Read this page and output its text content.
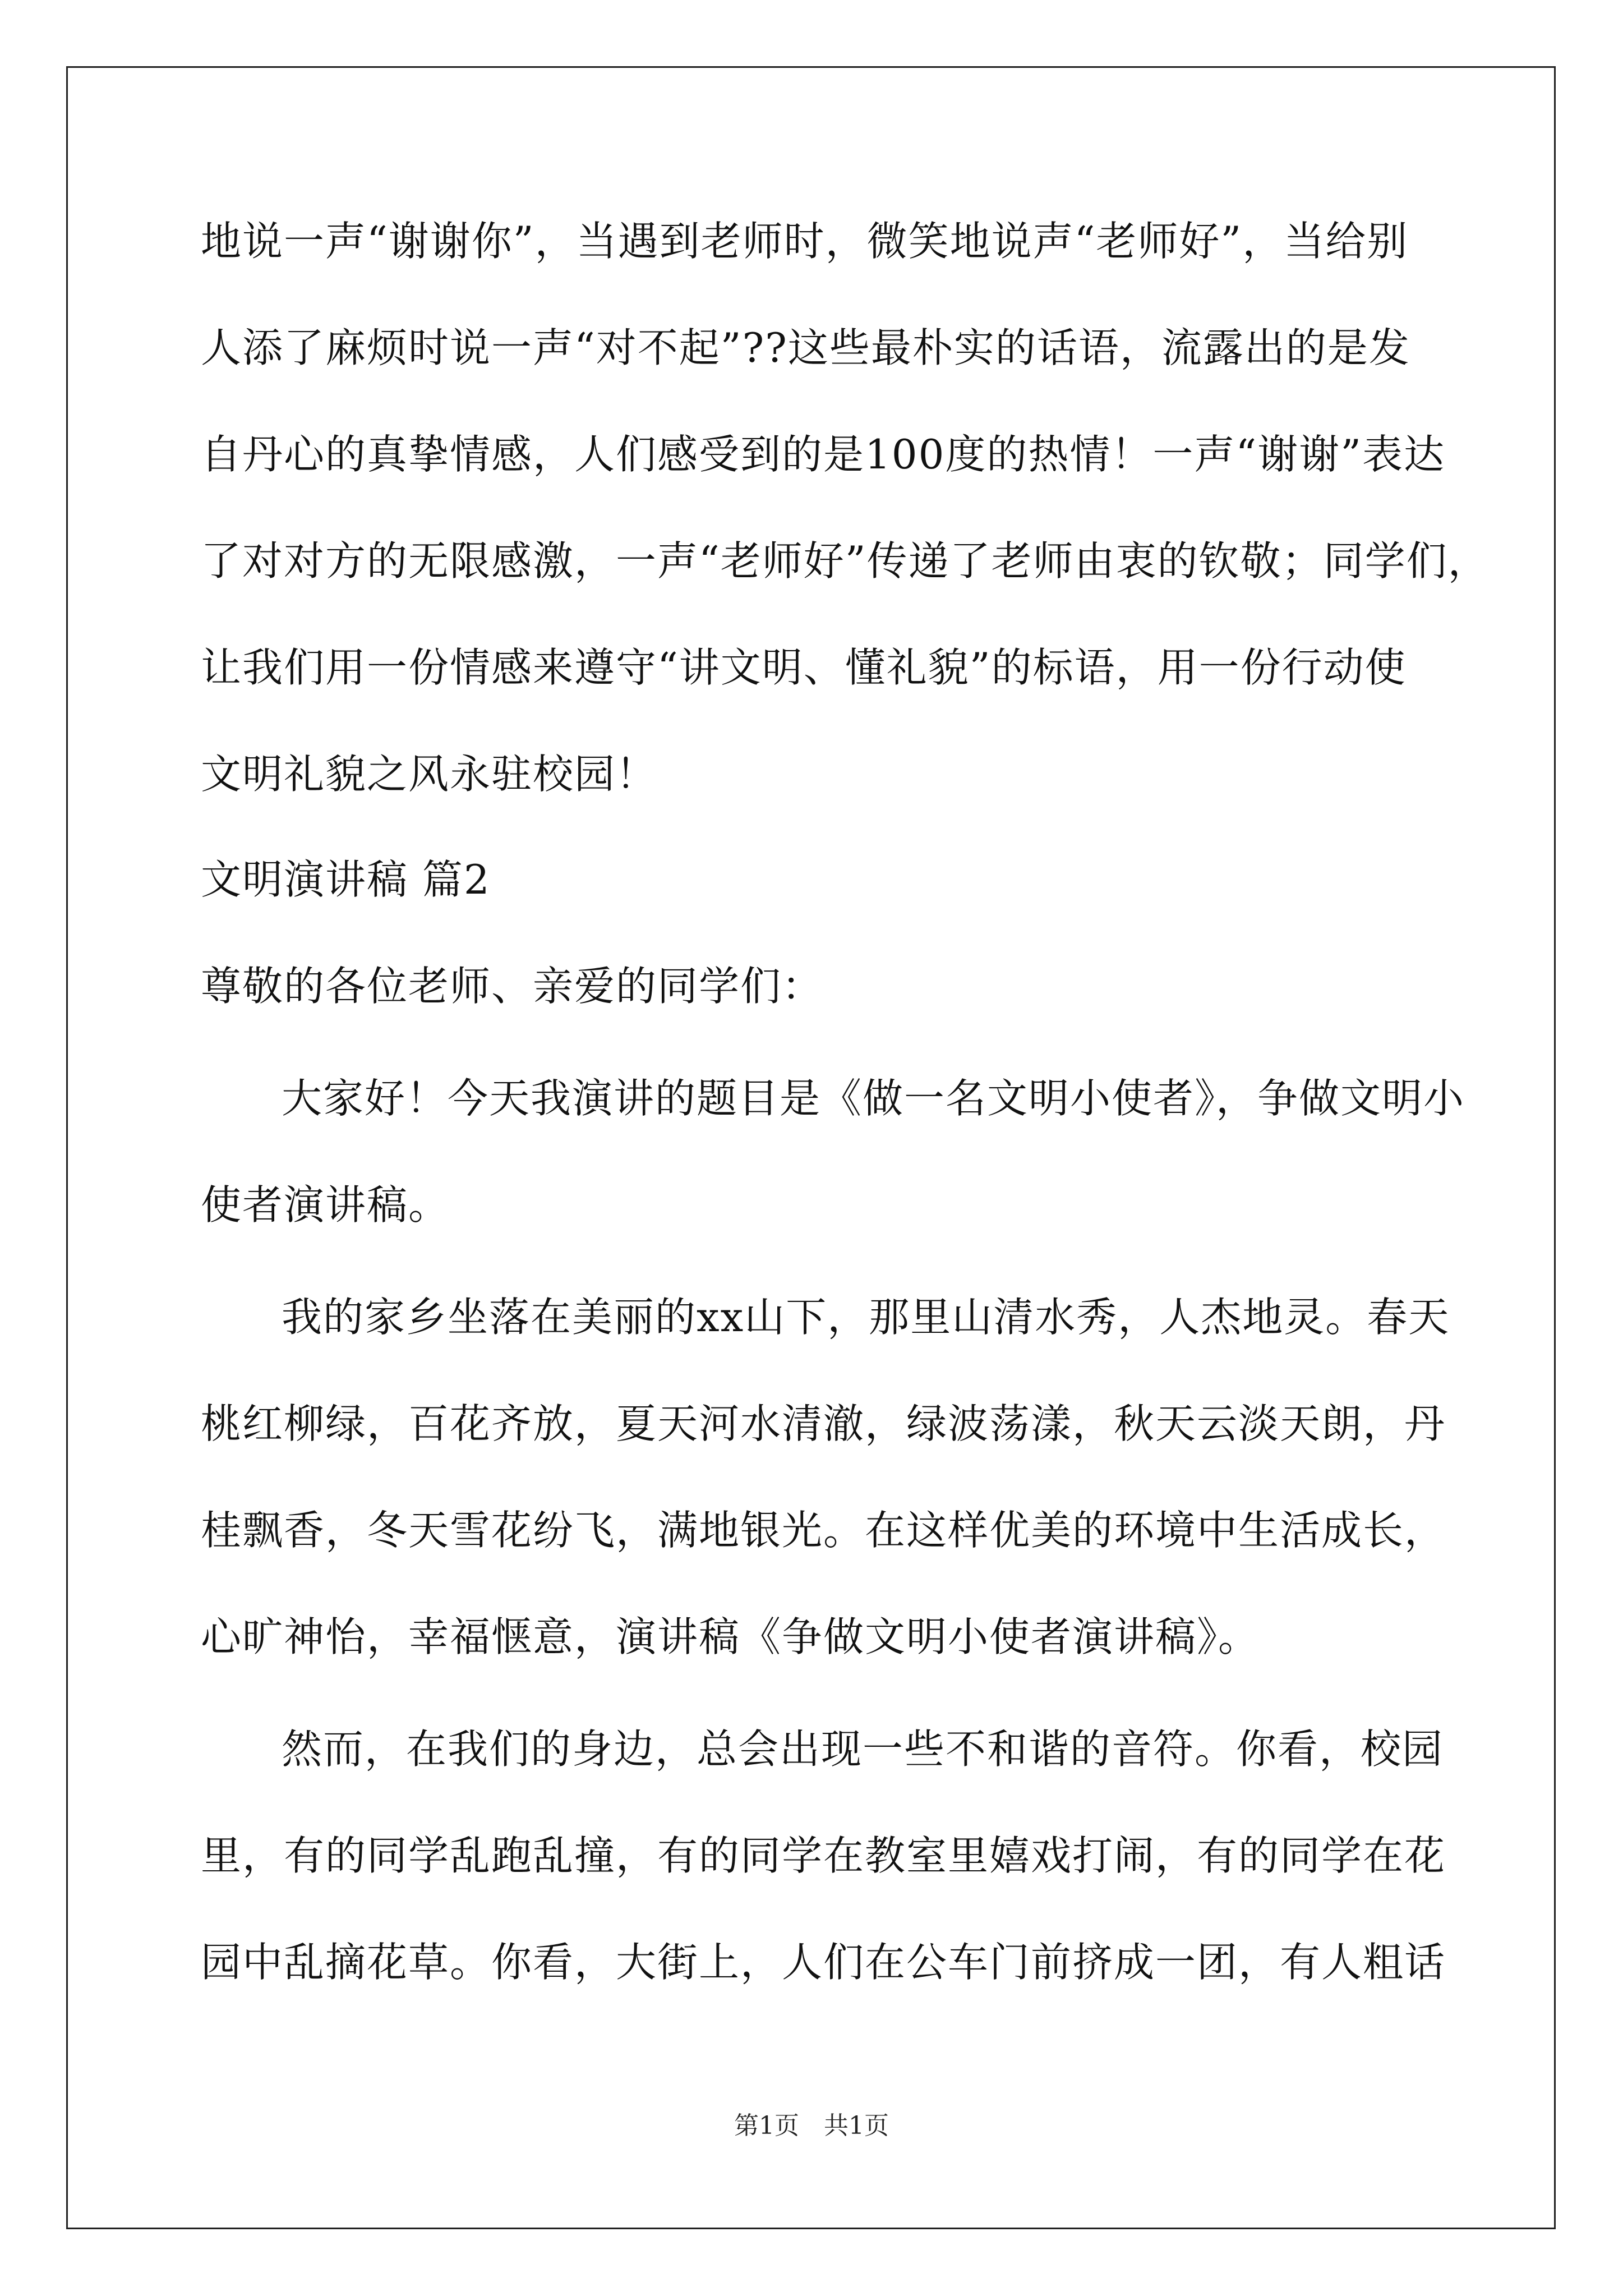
地说一声“谢谢你”，当遇到老师时，微笑地说声“老师好”，当给别
人添了麻烦时说一声“对不起”??这些最朴实的话语，流露出的是发
自丹心的真挚情感，人们感受到的是100度的热情！一声“谢谢”表达
了对对方的无限感激，一声“老师好”传递了老师由衷的钦敬；同学们，
让我们用一份情感来遵守“讲文明、懂礼貌”的标语，用一份行动使
文明礼貌之风永驻校园！
文明演讲稿 篇2
尊敬的各位老师、亲爱的同学们：
大家好！今天我演讲的题目是《做一名文明小使者》，争做文明小
使者演讲稿。
我的家乡坐落在美丽的xx山下，那里山清水秀，人杰地灵。春天
桃红柳绿，百花齐放，夏天河水清澈，绿波荡漾，秋天云淡天朗，丹
桂飘香，冬天雪花纷飞，满地银光。在这样优美的环境中生活成长，
心旷神怡，幸福惬意，演讲稿《争做文明小使者演讲稿》。
然而，在我们的身边，总会出现一些不和谐的音符。你看，校园
里，有的同学乱跑乱撞，有的同学在教室里嬉戏打闹，有的同学在花
园中乱摘花草。你看，大街上，人们在公车门前挤成一团，有人粗话
第1页　共1页
